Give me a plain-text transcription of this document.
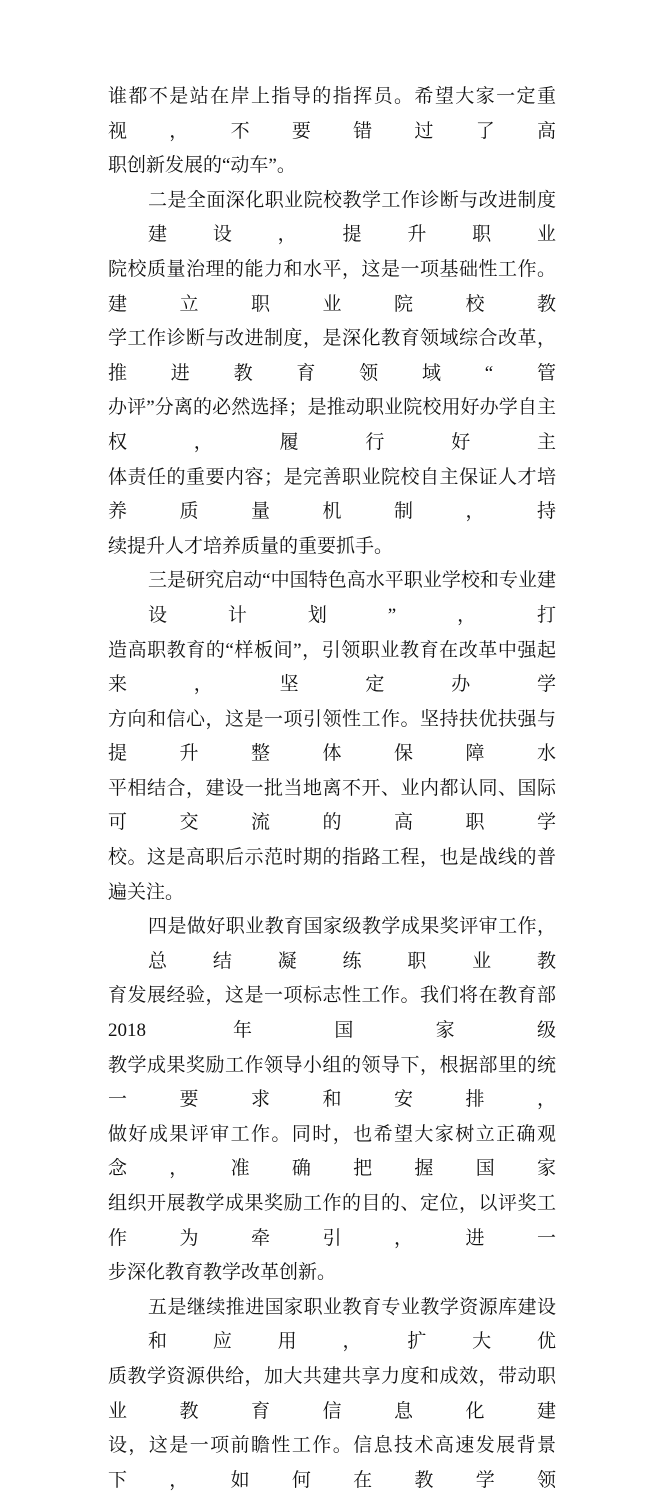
谁都不是站在岸上指导的指挥员。希望大家一定重视，不要错过了高
职创新发展的“动车”。
二是全面深化职业院校教学工作诊断与改进制度建设，提升职业
院校质量治理的能力和水平，这是一项基础性工作。建立职业院校教
学工作诊断与改进制度，是深化教育领域综合改革，推进教育领域“管
办评”分离的必然选择；是推动职业院校用好办学自主权，履行好主
体责任的重要内容；是完善职业院校自主保证人才培养质量机制，持
续提升人才培养质量的重要抓手。
三是研究启动“中国特色高水平职业学校和专业建设计划”，打
造高职教育的“样板间”，引领职业教育在改革中强起来，坚定办学
方向和信心，这是一项引领性工作。坚持扶优扶强与提升整体保障水
平相结合，建设一批当地离不开、业内都认同、国际可交流的高职学
校。这是高职后示范时期的指路工程，也是战线的普遍关注。
四是做好职业教育国家级教学成果奖评审工作，总结凝练职业教
育发展经验，这是一项标志性工作。我们将在教育部 2018 年国家级
教学成果奖励工作领导小组的领导下，根据部里的统一要求和安排，
做好成果评审工作。同时，也希望大家树立正确观念，准确把握国家
组织开展教学成果奖励工作的目的、定位，以评奖工作为牵引，进一
步深化教育教学改革创新。
五是继续推进国家职业教育专业教学资源库建设和应用，扩大优
质教学资源供给，加大共建共享力度和成效，带动职业教育信息化建
设，这是一项前瞻性工作。信息技术高速发展背景下，如何在教学领
